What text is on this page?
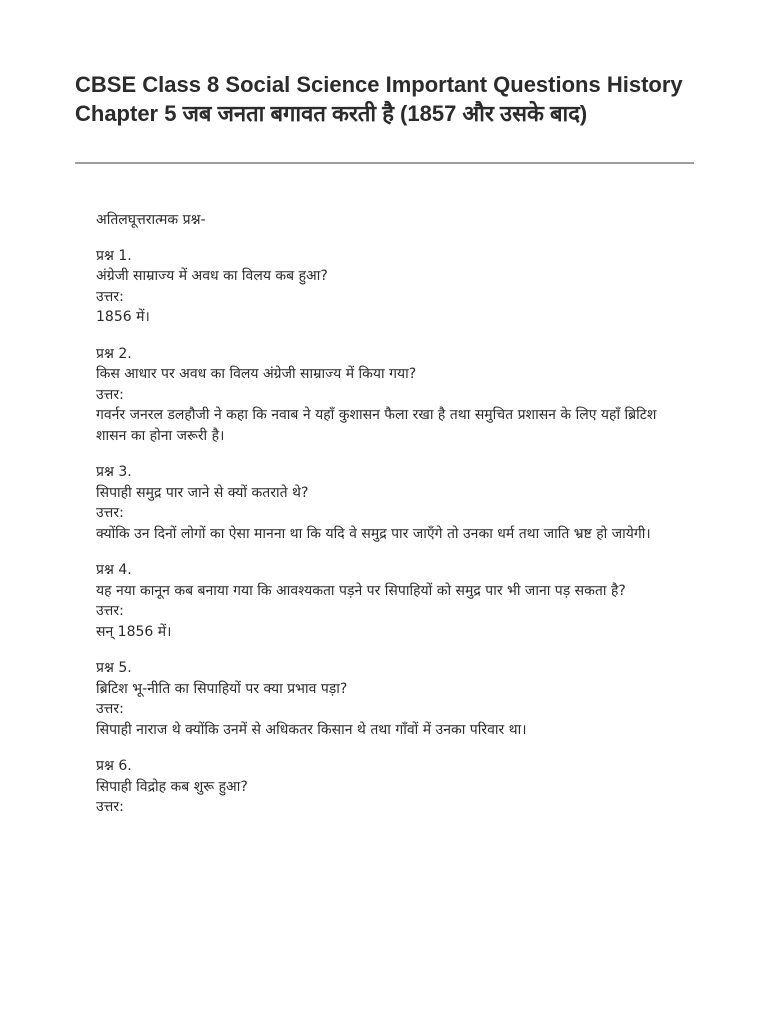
CBSE Class 8 Social Science Important Questions History Chapter 5 जब जनता बगावत करती है (1857 और उसके बाद)

अतिलघूत्तरात्मक प्रश्न-

प्रश्न 1.

अंग्रेजी साम्राज्य में अवध का विलय कब हुआ?

उत्तर:

1856 में।

प्रश्न 2.

किस आधार पर अवध का विलय अंग्रेजी साम्राज्य में किया गया?

उत्तर:

गवर्नर जनरल डलहौजी ने कहा कि नवाब ने यहाँ कुशासन फैला रखा है तथा समुचित प्रशासन के लिए यहाँ ब्रिटिश शासन का होना जरूरी है।

प्रश्न 3.

सिपाही समुद्र पार जाने से क्यों कतराते थे?

उत्तर:

क्योंकि उन दिनों लोगों का ऐसा मानना था कि यदि वे समुद्र पार जाएँगे तो उनका धर्म तथा जाति भ्रष्ट हो जायेगी।

प्रश्न 4.

यह नया कानून कब बनाया गया कि आवश्यकता पड़ने पर सिपाहियों को समुद्र पार भी जाना पड़ सकता है?

उत्तर:

सन् 1856 में।

प्रश्न 5.

ब्रिटिश भू-नीति का सिपाहियों पर क्या प्रभाव पड़ा?

उत्तर:

सिपाही नाराज थे क्योंकि उनमें से अधिकतर किसान थे तथा गाँवों में उनका परिवार था।

प्रश्न 6.

सिपाही विद्रोह कब शुरू हुआ?

उत्तर:
